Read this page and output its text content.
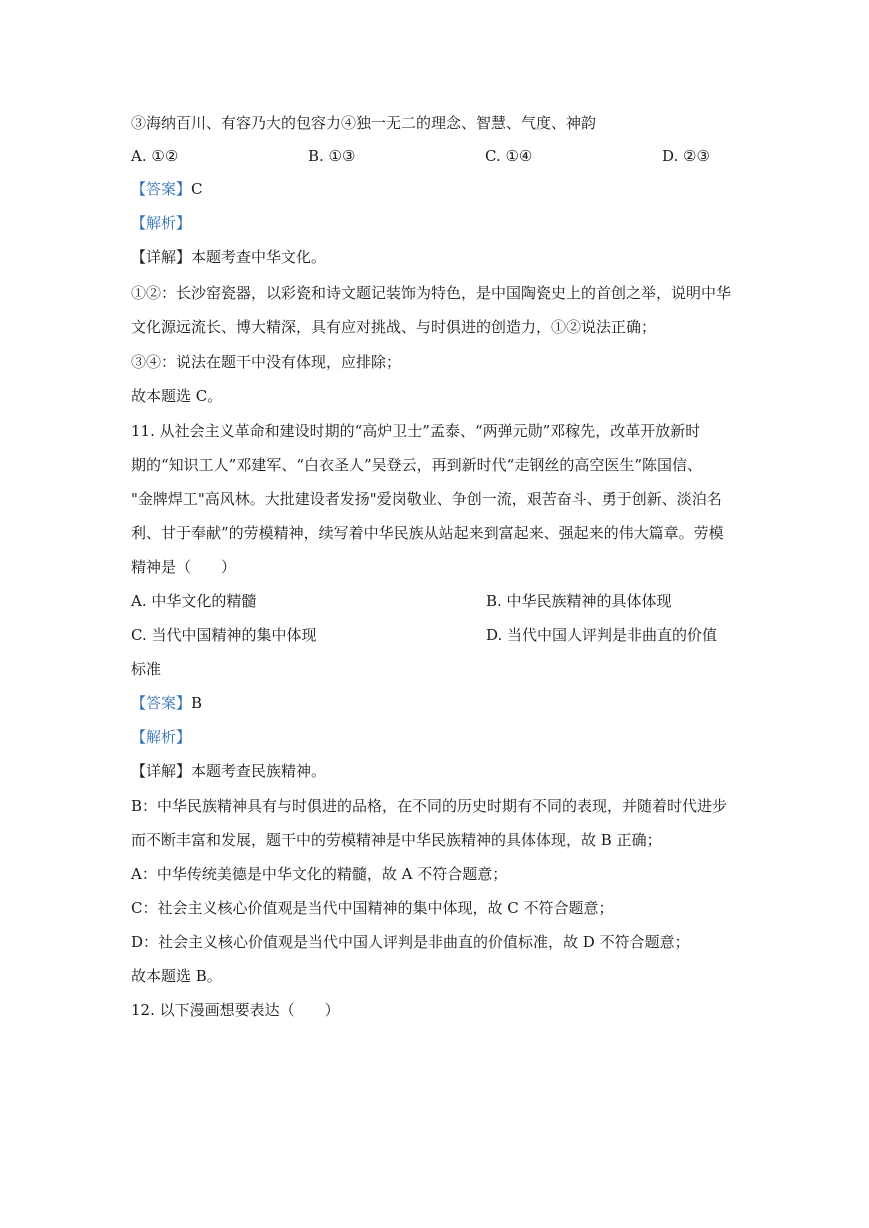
③海纳百川、有容乃大的包容力④独一无二的理念、智慧、气度、神韵
A. ①②	B. ①③	C. ①④	D. ②③
【答案】C
【解析】
【详解】本题考查中华文化。
①②：长沙窑瓷器，以彩瓷和诗文题记装饰为特色，是中国陶瓷史上的首创之举，说明中华
文化源远流长、博大精深，具有应对挑战、与时俱进的创造力，①②说法正确；
③④：说法在题干中没有体现，应排除；
故本题选 C。
11. 从社会主义革命和建设时期的“高炉卫士”孟泰、“两弹元勋”邓稼先，改革开放新时
期的“知识工人”邓建军、“白衣圣人”吴登云，再到新时代“走钢丝的高空医生”陈国信、
"金牌焊工"高风林。大批建设者发扬"爱岗敬业、争创一流，艰苦奋斗、勇于创新、淡泊名
利、甘于奉献”的劳模精神，续写着中华民族从站起来到富起来、强起来的伟大篇章。劳模
精神是（　　）
A. 中华文化的精髓	B. 中华民族精神的具体体现
C. 当代中国精神的集中体现	D. 当代中国人评判是非曲直的价值
标准
【答案】B
【解析】
【详解】本题考查民族精神。
B：中华民族精神具有与时俱进的品格，在不同的历史时期有不同的表现，并随着时代进步
而不断丰富和发展，题干中的劳模精神是中华民族精神的具体体现，故 B 正确；
A：中华传统美德是中华文化的精髓，故 A 不符合题意；
C：社会主义核心价值观是当代中国精神的集中体现，故 C 不符合题意；
D：社会主义核心价值观是当代中国人评判是非曲直的价值标准，故 D 不符合题意；
故本题选 B。
12. 以下漫画想要表达（　　）
